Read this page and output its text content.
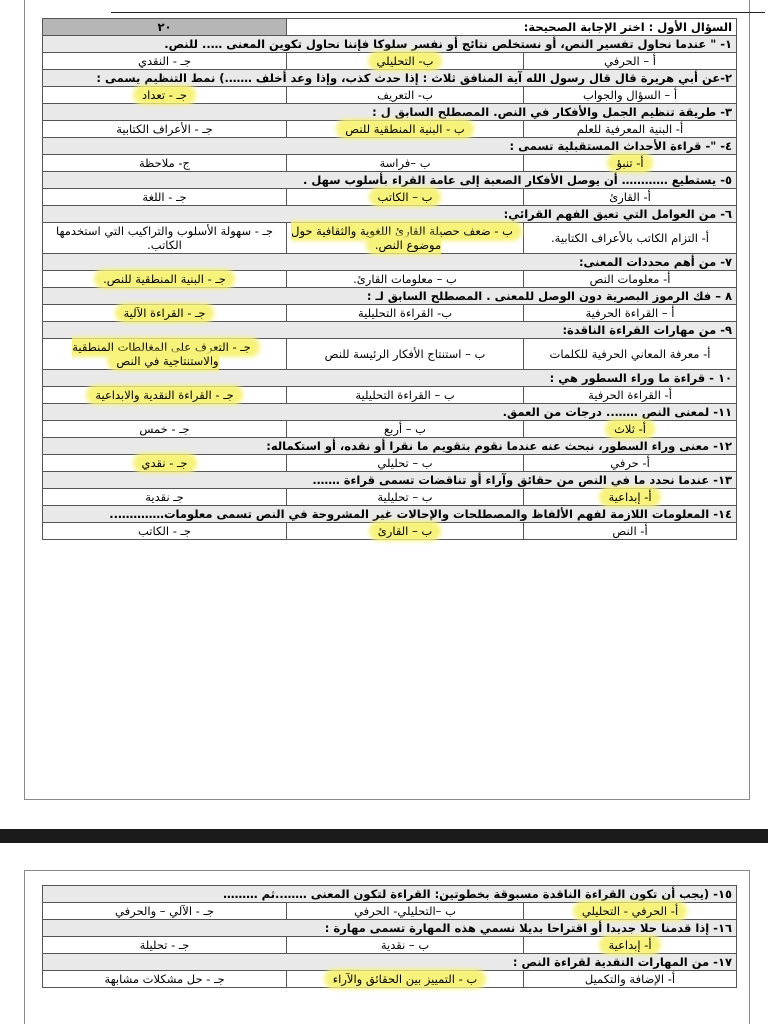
السؤال الأول : اختر الإجابة الصحيحة:		٢٠
١- " عندما نحاول تفسير النص، أو نستخلص نتائج أو نفسر سلوكا فإننا نحاول تكوين المعنى ….. للنص.		
أ – الحرفي	ب- التحليلي	جـ - النقدي
٢-عن أبي هريرة قال قال رسول الله آية المنافق ثلاث : إذا حدث كذب، وإذا وعد أخلف …….) نمط التنظيم يسمى :		
أ – السؤال والجواب	ب- التعريف	جـ - تعداد
٣- طريقة تنظيم الجمل والأفكار في النص. المصطلح السابق ل :		
أ- البنية المعرفية للعلم	ب - البنية المنطقية للنص	جـ - الأعراف الكتابية
٤- "- قراءة الأحداث المستقبلية تسمى :		
أ- تنبؤ	ب –فراسة	ج- ملاحظة
٥- يستطيع ………… أن يوصل الأفكار الصعبة إلى عامة القراء بأسلوب سهل .		
أ- القارئ	ب – الكاتب	جـ - اللغة
٦- من العوامل التي تعيق الفهم القرائي:		
أ- التزام الكاتب بالأعراف الكتابية.	ب - ضعف حصيلة القارئ اللغوية والثقافية حول موضوع النص.	جـ - سهولة الأسلوب والتراكيب التي استخدمها الكاتب.
٧- من أهم محددات المعنى:		
أ- معلومات النص	ب – معلومات القارئ.	جـ - البنية المنطقية للنص.
٨ – فك الرموز البصرية دون الوصل للمعنى . المصطلح السابق لـ :		
أ – القراءة الحرفية	ب- القراءة التحليلية	جـ - القراءة الآلية
٩- من مهارات القراءة الناقدة:		
أ- معرفة المعاني الحرفية للكلمات	ب – استنتاج الأفكار الرئيسة للنص	جـ - التعرف على المغالطات المنطقية والاستنتاجية في النص
١٠ - قراءة ما وراء السطور هي :		
أ- القراءة الحرفية	ب – القراءة التحليلية	جـ - القراءة النقدية والابداعية
١١- لمعنى النص …….. درجات من العمق.		
أ- ثلاث	ب – أربع	جـ - خمس
١٢- معنى وراء السطور، نبحث عنه عندما نقوم بتقويم ما نقرا أو نقده، أو استكماله:		
أ- حرفي	ب – تحليلي	جـ - نقدي
١٣- عندما نحدد ما في النص من حقائق وآراء أو تناقضات تسمى قراءة …….		
أ- إبداعية	ب – تحليلية	جـ نقدية
١٤- المعلومات اللازمة لفهم الألفاظ والمصطلحات والإحالات غير المشروحة في النص تسمى معلومات…………..		
أ- النص	ب – القارئ	جـ - الكاتب
١٥- (يجب أن تكون القراءة الناقدة مسبوقة بخطوتين: القراءة لتكون المعنى ……..ثم ………		
أ- الحرفي - التحليلي	ب –التحليلي- الحرفي	جـ - الآلي – والحرفي
١٦- إذا قدمنا حلا جديدا أو اقتراحا بديلا نسمي هذه المهارة تسمى مهارة :		
أ- إبداعية	ب – نقدية	جـ - تحليلة
١٧- من المهارات النقدية لقراءة النص :		
أ- الإضافة والتكميل	ب - التمييز بين الحقائق والآراء	جـ - حل مشكلات مشابهة
